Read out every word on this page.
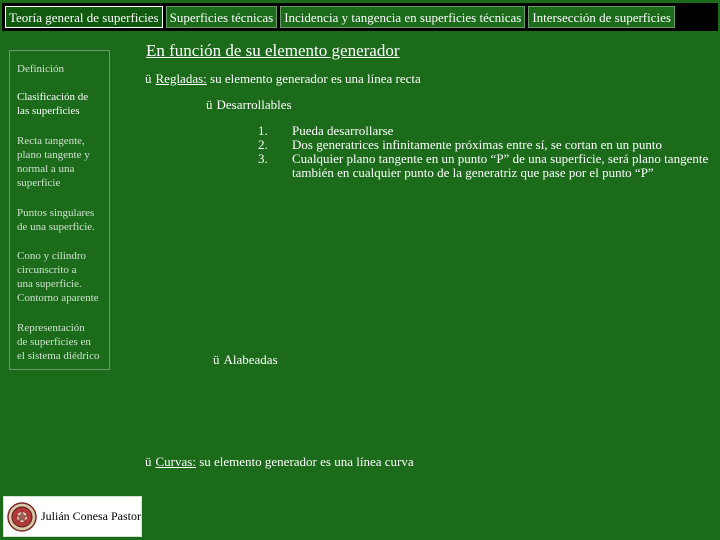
Teoría general de superficies Superficies técnicas Incidencia y tangencia en superficies técnicas Intersección de superficies
Definición
Clasificación de
las superficies
Recta tangente,
plano tangente y
normal a una
superficie
Puntos singulares
de una superficie.
Cono y cilindro
circunscrito a
una superficie.
Contorno aparente
Representación
de superficies en
el sistema diédrico
En función de su elemento generador
ü Regladas: su elemento generador es una línea recta
ü Desarrollables
1.	Pueda desarrollarse
2.	Dos generatrices infinitamente próximas entre sí, se cortan en un punto
3.	Cualquier plano tangente en un punto “P” de una superficie, será plano tangente también en cualquier punto de la generatriz que pase por el punto “P”
ü Alabeadas
ü Curvas: su elemento generador es una línea curva
Julián Conesa Pastor
